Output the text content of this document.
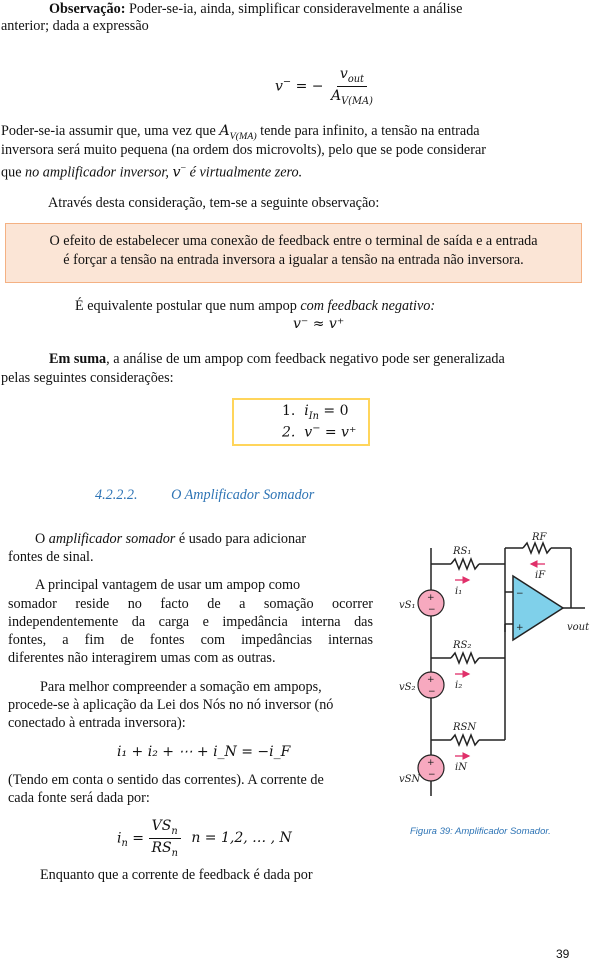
Observação: Poder-se-ia, ainda, simplificar consideravelmente a análise
anterior; dada a expressão
v− = − $\frac{v_{out}}{A_{V(MA)}}$
Poder-se-ia assumir que, uma vez que $A_{V(MA)}$ tende para infinito, a tensão na entrada
inversora será muito pequena (na ordem dos microvolts), pelo que se pode considerar
que no amplificador inversor, v− é virtualmente zero.
Através desta consideração, tem-se a seguinte observação:

O efeito de estabelecer uma conexão de feedback entre o terminal de saída e a entrada

é forçar a tensão na entrada inversora a igualar a tensão na entrada não inversora.

É equivalente postular que num ampop com feedback negativo:
v⁻ ≈ v⁺
Em suma, a análise de um ampop com feedback negativo pode ser generalizada
pelas seguintes considerações:
1. $i_{In} = 0$
2. v− = v⁺
4.2.2.2. O Amplificador Somador
O amplificador somador é usado para adicionar
fontes de sinal.
A principal vantagem de usar um ampop como
somador reside no facto de a somação ocorrer
independentemente da carga e impedância interna das
fontes, a fim de fontes com impedâncias internas
diferentes não interagirem umas com as outras.
Para melhor compreender a somação em ampops,
procede-se à aplicação da Lei dos Nós no nó inversor (nó
conectado à entrada inversora):
i₁ + i₂ + ⋯ + i_N = −i_F
(Tendo em conta o sentido das correntes). A corrente de
cada fonte será dada por:
$i_n = \frac{VS_n}{RS_n}$ n = 1,2, … , N
Enquanto que a corrente de feedback é dada por
+
−
+
−
+
−
−
+
RS₁
RS₂
RSN
RF
i₁
i₂
iN
iF
vS₁
vS₂
vSN
vout
Figura 39: Amplificador Somador.
39
